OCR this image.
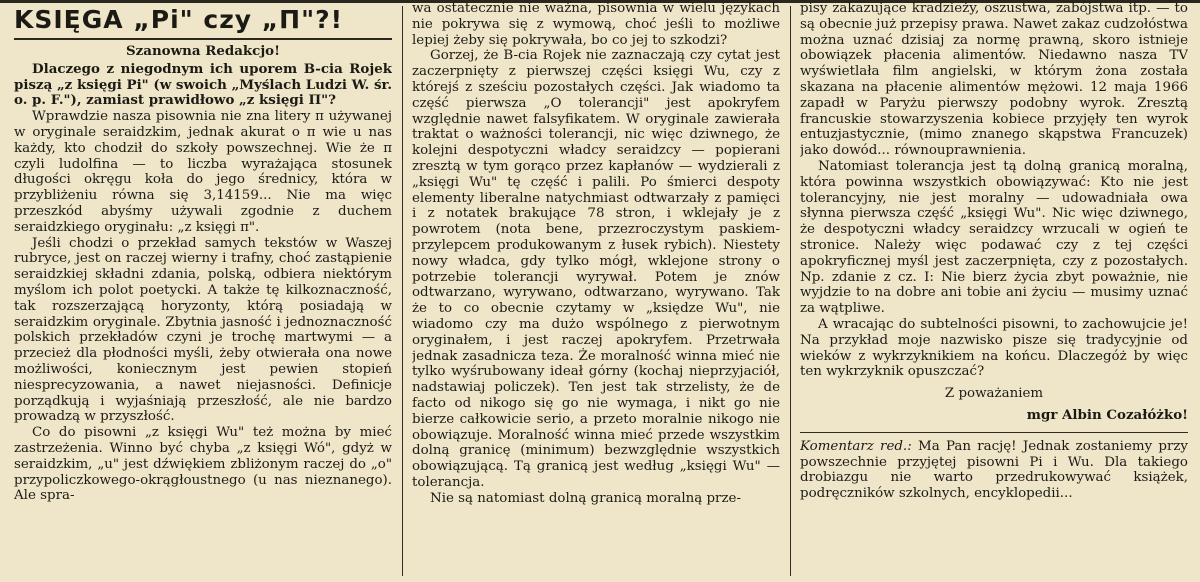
KSIĘGA „Pi" czy „Π"?!
Szanowna Redakcjo!

Dlaczego z niegodnym ich uporem B-cia Rojek piszą „z księgi Pi" (w swoich „Myślach Ludzi W. śr. o. p. F."), zamiast prawidłowo „z księgi Π"?

Wprawdzie nasza pisownia nie zna litery π używanej w oryginale seraidzkim, jednak akurat o π wie u nas każdy, kto chodził do szkoły powszechnej. Wie że π czyli ludolfina — to liczba wyrażająca stosunek długości okręgu koła do jego średnicy, która w przybliżeniu równa się 3,14159... Nie ma więc przeszkód abyśmy używali zgodnie z duchem seraidzkiego oryginału: „z księgi π".

Jeśli chodzi o przekład samych tekstów w Waszej rubryce, jest on raczej wierny i trafny, choć zastąpienie seraidzkiej składni zdania, polską, odbiera niektórym myślom ich polot poetycki. A także tę kilkoznaczność, tak rozszerzającą horyzonty, którą posiadają w seraidzkim oryginale. Zbytnia jasność i jednoznaczność polskich przekładów czyni je trochę martwymi — a przecież dla płodności myśli, żeby otwierała ona nowe możliwości, koniecznym jest pewien stopień niesprecyzowania, a nawet niejasności. Definicje porządkują i wyjaśniają przeszłość, ale nie bardzo prowadzą w przyszłość.

Co do pisowni „z księgi Wu" też można by mieć zastrzeżenia. Winno być chyba „z księgi Wó", gdyż w seraidzkim, „u" jest dźwiękiem zbliżonym raczej do „o" przypoliczkowego-okrągłoustnego (u nas nieznanego). Ale spra-

wa ostatecznie nie ważna, pisownia w wielu językach nie pokrywa się z wymową, choć jeśli to możliwe lepiej żeby się pokrywała, bo co jej to szkodzi?

Gorzej, że B-cia Rojek nie zaznaczają czy cytat jest zaczerpnięty z pierwszej części księgi Wu, czy z którejś z sześciu pozostałych części. Jak wiadomo ta część pierwsza „O tolerancji" jest apokryfem względnie nawet falsyfikatem. W oryginale zawierała traktat o ważności tolerancji, nic więc dziwnego, że kolejni despotyczni władcy seraidzcy — popierani zresztą w tym gorąco przez kapłanów — wydzierali z „księgi Wu" tę część i palili. Po śmierci despoty elementy liberalne natychmiast odtwarzały z pamięci i z notatek brakujące 78 stron, i wklejały je z powrotem (nota bene, przezroczystym paskiem-przylepcem produkowanym z łusek rybich). Niestety nowy władca, gdy tylko mógł, wklejone strony o potrzebie tolerancji wyrywał. Potem je znów odtwarzano, wyrywano, odtwarzano, wyrywano. Tak że to co obecnie czytamy w „księdze Wu", nie wiadomo czy ma dużo wspólnego z pierwotnym oryginałem, i jest raczej apokryfem. Przetrwała jednak zasadnicza teza. Że moralność winna mieć nie tylko wyśrubowany ideał górny (kochaj nieprzyjaciół, nadstawiaj policzek). Ten jest tak strzelisty, że de facto od nikogo się go nie wymaga, i nikt go nie bierze całkowicie serio, a przeto moralnie nikogo nie obowiązuje. Moralność winna mieć przede wszystkim dolną granicę (minimum) bezwzględnie wszystkich obowiązującą. Tą granicą jest według „księgi Wu" — tolerancja.

Nie są natomiast dolną granicą moralną prze-

pisy zakazujące kradzieży, oszustwa, zabójstwa itp. — to są obecnie już przepisy prawa. Nawet zakaz cudzołóstwa można uznać dzisiaj za normę prawną, skoro istnieje obowiązek płacenia alimentów. Niedawno nasza TV wyświetlała film angielski, w którym żona została skazana na płacenie alimentów mężowi. 12 maja 1966 zapadł w Paryżu pierwszy podobny wyrok. Zresztą francuskie stowarzyszenia kobiece przyjęły ten wyrok entuzjastycznie, (mimo znanego skąpstwa Francuzek) jako dowód... równouprawnienia.

Natomiast tolerancja jest tą dolną granicą moralną, która powinna wszystkich obowiązywać: Kto nie jest tolerancyjny, nie jest moralny — udowadniała owa słynna pierwsza część „księgi Wu". Nic więc dziwnego, że despotyczni władcy seraidzcy wrzucali w ogień te stronice. Należy więc podawać czy z tej części apokryficznej myśl jest zaczerpnięta, czy z pozostałych. Np. zdanie z cz. I: Nie bierz życia zbyt poważnie, nie wyjdzie to na dobre ani tobie ani życiu — musimy uznać za wątpliwe.

A wracając do subtelności pisowni, to zachowujcie je! Na przykład moje nazwisko pisze się tradycyjnie od wieków z wykrzyknikiem na końcu. Dlaczegóż by więc ten wykrzyknik opuszczać?

Z poważaniem
mgr Albin Cozałóżko!

Komentarz red.: Ma Pan rację! Jednak zostaniemy przy powszechnie przyjętej pisowni Pi i Wu. Dla takiego drobiazgu nie warto przedrukowywać książek, podręczników szkolnych, encyklopedii...
